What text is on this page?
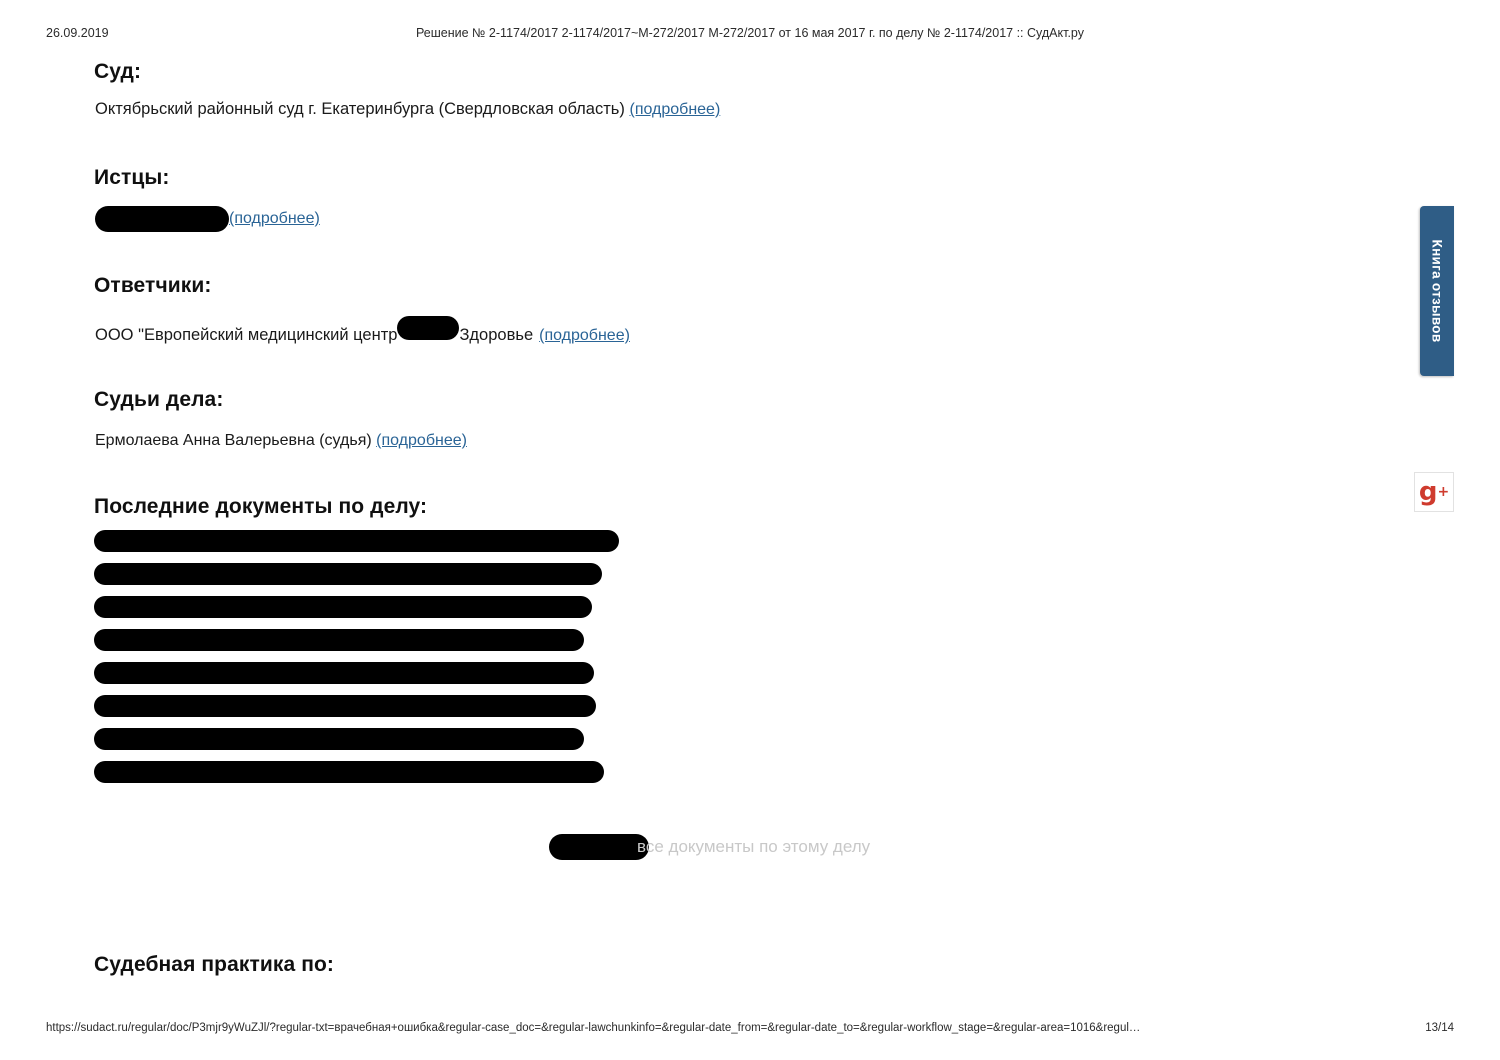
26.09.2019	Решение № 2-1174/2017 2-1174/2017~М-272/2017 М-272/2017 от 16 мая 2017 г. по делу № 2-1174/2017 :: СудАкт.ру
Суд:

Октябрьский районный суд г. Екатеринбурга (Свердловская область) (подробнее)

Истцы:
(подробнее)
Ответчики:
ООО "Европейский медицинский центр	Здоровье (подробнее)
Судьи дела:

Ермолаева Анна Валерьевна (судья) (подробнее)

Последние документы по делу:
все документы по этому делу
Судебная практика по:
Книга отзывов
g +
https://sudact.ru/regular/doc/P3mjr9yWuZJl/?regular-txt=врачебная+ошибка&regular-case_doc=&regular-lawchunkinfo=&regular-date_from=&regular-date_to=&regular-workflow_stage=&regular-area=1016&regul…	13/14
